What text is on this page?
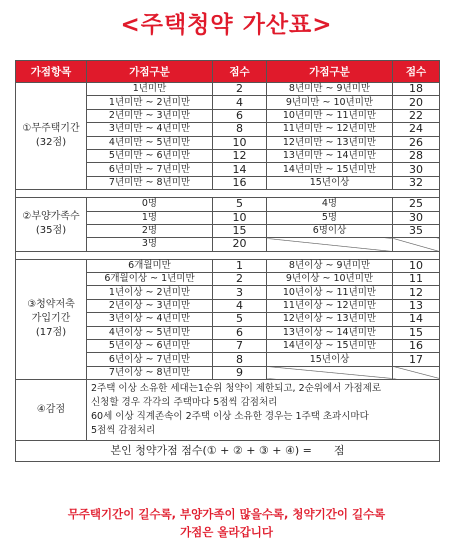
<주택청약 가산표>
가점항목	가점구분	점수	가점구분	점수

①무주택기간
(32점)	1년미만	2	8년미만 ~ 9년미만	18
	1년미만 ~ 2년미만	4	9년미만 ~ 10년미만	20
	2년미만 ~ 3년미만	6	10년미만 ~ 11년미만	22
	3년미만 ~ 4년미만	8	11년미만 ~ 12년미만	24
	4년미만 ~ 5년미만	10	12년미만 ~ 13년미만	26
	5년미만 ~ 6년미만	12	13년미만 ~ 14년미만	28
	6년미만 ~ 7년미만	14	14년미만 ~ 15년미만	30
	7년미만 ~ 8년미만	16	15년이상	32

②부양가족수
(35점)	0명	5	4명	25
	1명	10	5명	30
	2명	15	6명이상	35
	3명	20		

③청약저축
가입기간
(17점)	6개월미만	1	8년이상 ~ 9년미만	10
	6개월이상 ~ 1년미만	2	9년이상 ~ 10년미만	11
	1년이상 ~ 2년미만	3	10년이상 ~ 11년미만	12
	2년이상 ~ 3년미만	4	11년이상 ~ 12년미만	13
	3년이상 ~ 4년미만	5	12년이상 ~ 13년미만	14
	4년이상 ~ 5년미만	6	13년이상 ~ 14년미만	15
	5년이상 ~ 6년미만	7	14년이상 ~ 15년미만	16
	6년이상 ~ 7년미만	8	15년이상	17
	7년이상 ~ 8년미만	9		
④감점	2주택 이상 소유한 세대는1순위 청약이 제한되고, 2순위에서 가점제로
신청할 경우 각각의 주택마다 5점씩 감점처리
60세 이상 직계존속이 2주택 이상 소유한 경우는 1주택 초과시마다
5점씩 감점처리			

본인 청약가점 점수(① + ② + ③ + ④) =　　점				
무주택기간이 길수록, 부양가족이 많을수록, 청약기간이 길수록
가점은 올라갑니다
